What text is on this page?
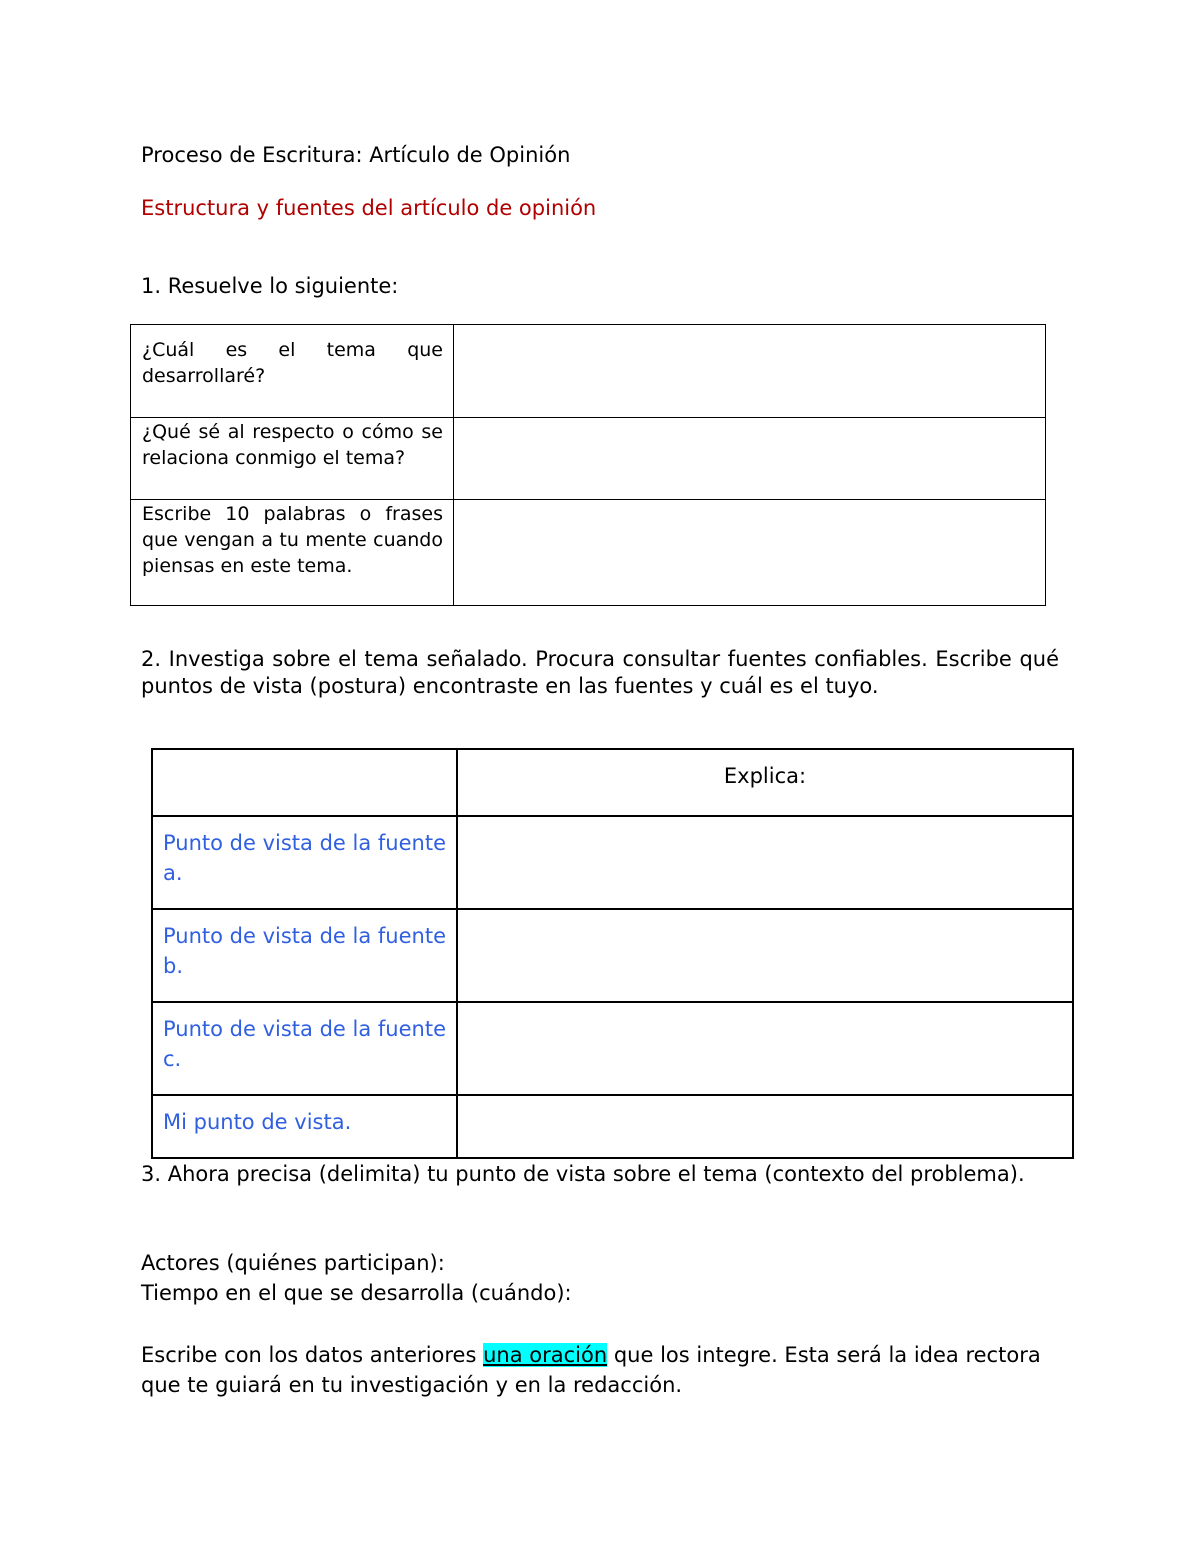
Proceso de Escritura: Artículo de Opinión
Estructura y fuentes del artículo de opinión
1. Resuelve lo siguiente:
¿Cuál es el tema que desarrollaré?	
¿Qué sé al respecto o cómo se relaciona conmigo el tema?	
Escribe 10 palabras o frases que vengan a tu mente cuando piensas en este tema.	
2. Investiga sobre el tema señalado. Procura consultar fuentes confiables. Escribe qué puntos de vista (postura) encontraste en las fuentes y cuál es el tuyo.
	Explica:
Punto de vista de la fuente a.	
Punto de vista de la fuente b.	
Punto de vista de la fuente c.	
Mi punto de vista.	
3. Ahora precisa (delimita) tu punto de vista sobre el tema (contexto del problema).
Actores (quiénes participan):
Tiempo en el que se desarrolla (cuándo):
Escribe con los datos anteriores una oración que los integre. Esta será la idea rectora que te guiará en tu investigación y en la redacción.
